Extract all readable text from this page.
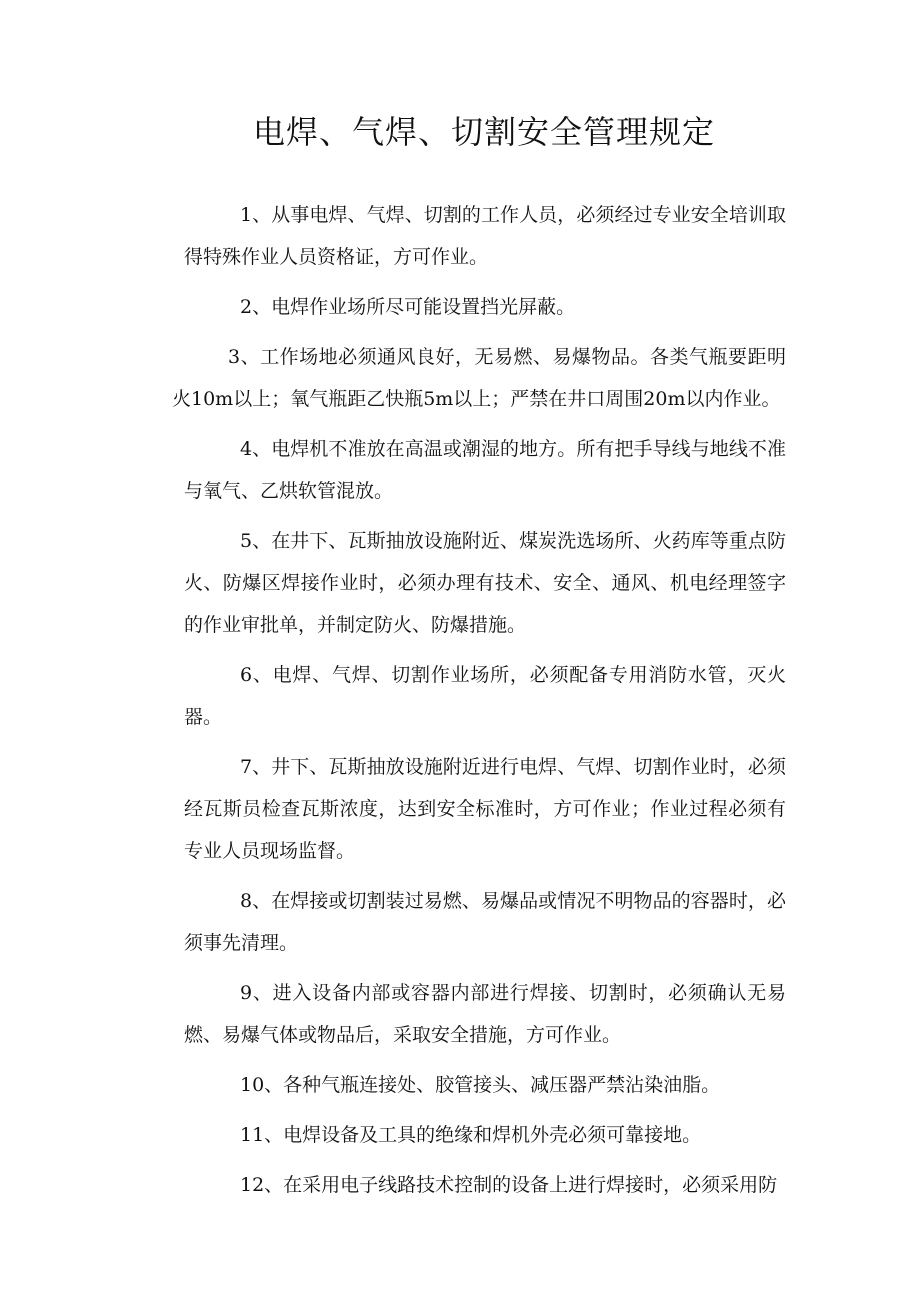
电焊、气焊、切割安全管理规定

1、从事电焊、气焊、切割的工作人员，必须经过专业安全培训取得特殊作业人员资格证，方可作业。

2、电焊作业场所尽可能设置挡光屏蔽。

3、工作场地必须通风良好，无易燃、易爆物品。各类气瓶要距明火10m以上；氧气瓶距乙快瓶5m以上；严禁在井口周围20m以内作业。

4、电焊机不准放在高温或潮湿的地方。所有把手导线与地线不准与氧气、乙烘软管混放。

5、在井下、瓦斯抽放设施附近、煤炭洗选场所、火药库等重点防火、防爆区焊接作业时，必须办理有技术、安全、通风、机电经理签字的作业审批单，并制定防火、防爆措施。

6、电焊、气焊、切割作业场所，必须配备专用消防水管，灭火器。

7、井下、瓦斯抽放设施附近进行电焊、气焊、切割作业时，必须经瓦斯员检查瓦斯浓度，达到安全标准时，方可作业；作业过程必须有专业人员现场监督。

8、在焊接或切割装过易燃、易爆品或情况不明物品的容器时，必须事先清理。

9、进入设备内部或容器内部进行焊接、切割时，必须确认无易燃、易爆气体或物品后，采取安全措施，方可作业。

10、各种气瓶连接处、胶管接头、减压器严禁沾染油脂。

11、电焊设备及工具的绝缘和焊机外壳必须可靠接地。

12、在采用电子线路技术控制的设备上进行焊接时，必须采用防
